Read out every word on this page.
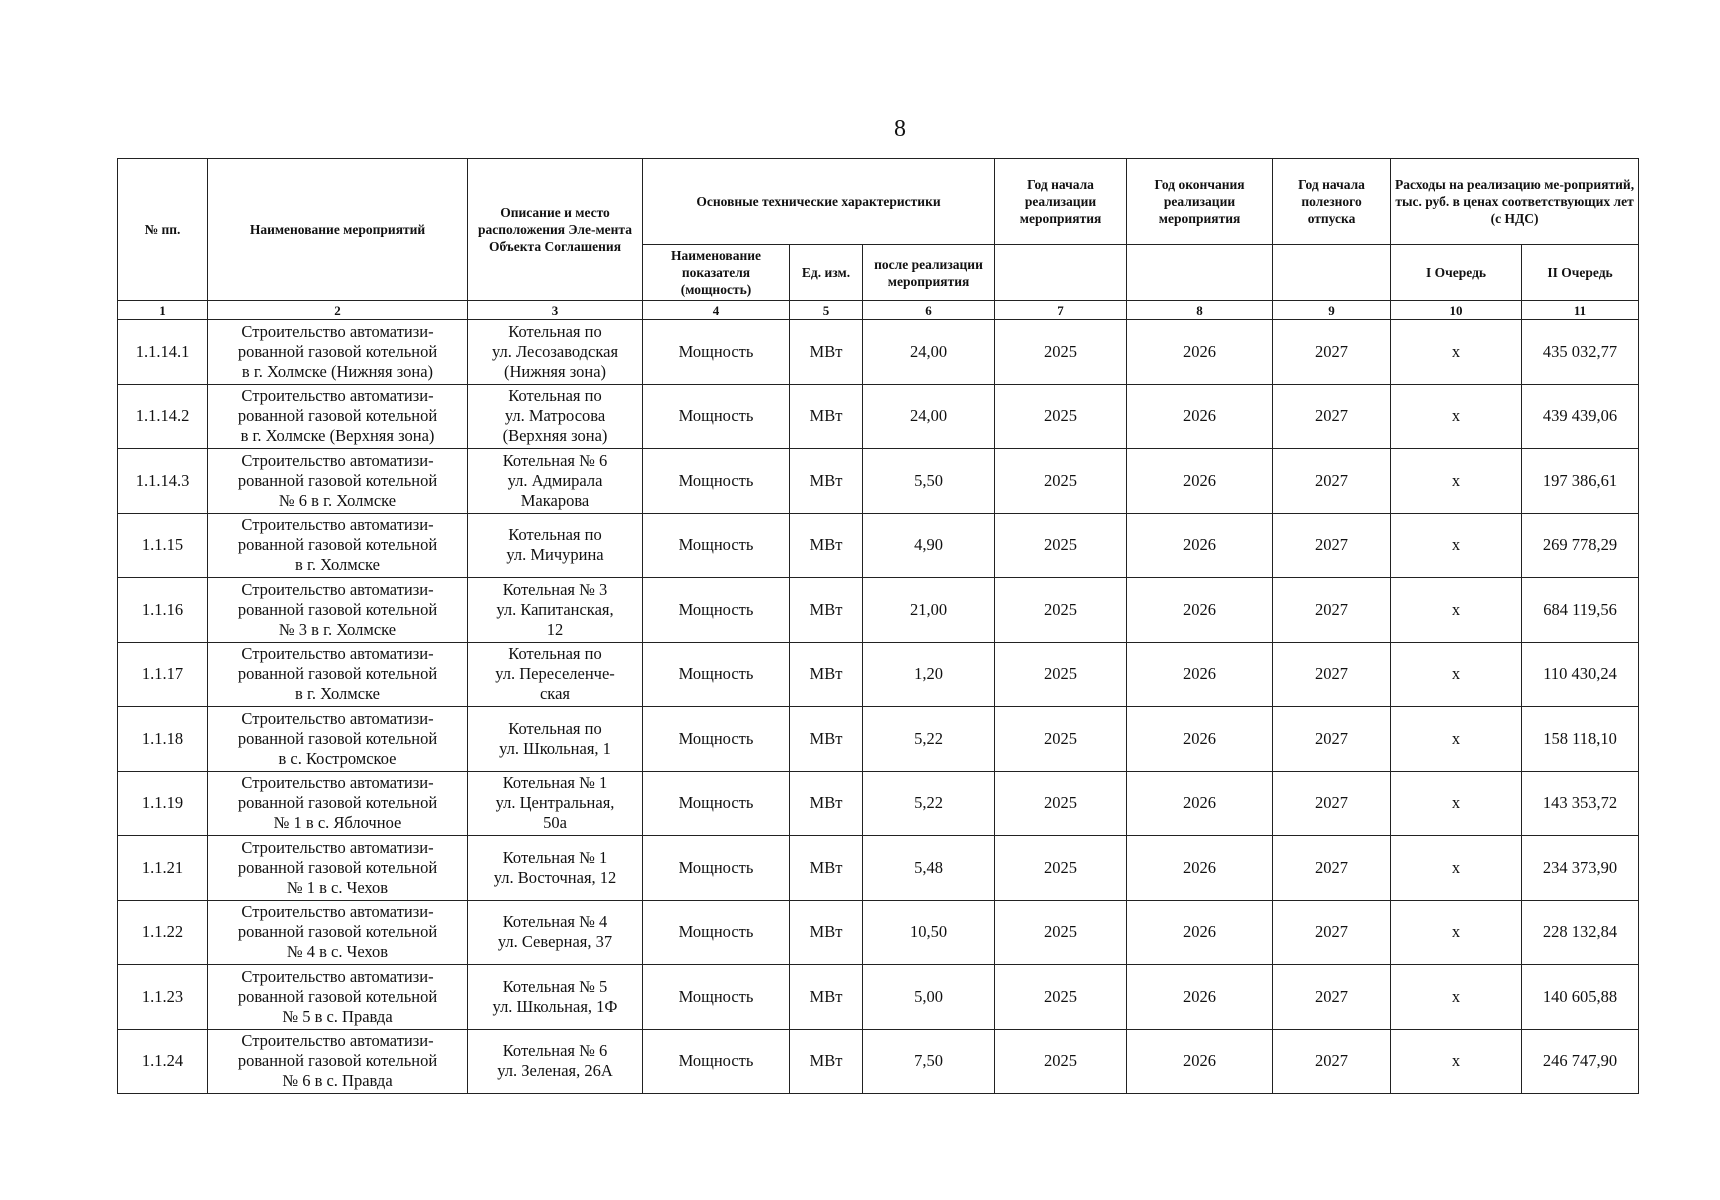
8
№ пп.	Наименование мероприятий	Описание и место расположения Эле-мента Объекта Соглашения	Основные технические характеристики			Год начала реализации мероприятия	Год окончания реализации мероприятия	Год начала полезного отпуска	Расходы на реализацию ме-роприятий, тыс. руб. в ценах соответствующих лет (с НДС)	
			Наименование показателя (мощность)	Ед. изм.	после реализации мероприятия				I Очередь	II Очередь
1	2	3	4	5	6	7	8	9	10	11
1.1.14.1	Строительство автоматизи-
рованной газовой котельной
в г. Холмске (Нижняя зона)	Котельная по
ул. Лесозаводская
(Нижняя зона)	Мощность	МВт	24,00	2025	2026	2027	х	435 032,77
1.1.14.2	Строительство автоматизи-
рованной газовой котельной
в г. Холмске (Верхняя зона)	Котельная по
ул. Матросова
(Верхняя зона)	Мощность	МВт	24,00	2025	2026	2027	х	439 439,06
1.1.14.3	Строительство автоматизи-
рованной газовой котельной
№ 6 в г. Холмске	Котельная № 6
ул. Адмирала
Макарова	Мощность	МВт	5,50	2025	2026	2027	х	197 386,61
1.1.15	Строительство автоматизи-
рованной газовой котельной
в г. Холмске	Котельная по
ул. Мичурина	Мощность	МВт	4,90	2025	2026	2027	х	269 778,29
1.1.16	Строительство автоматизи-
рованной газовой котельной
№ 3 в г. Холмске	Котельная № 3
ул. Капитанская,
12	Мощность	МВт	21,00	2025	2026	2027	х	684 119,56
1.1.17	Строительство автоматизи-
рованной газовой котельной
в г. Холмске	Котельная по
ул. Переселенче-
ская	Мощность	МВт	1,20	2025	2026	2027	х	110 430,24
1.1.18	Строительство автоматизи-
рованной газовой котельной
в с. Костромское	Котельная по
ул. Школьная, 1	Мощность	МВт	5,22	2025	2026	2027	х	158 118,10
1.1.19	Строительство автоматизи-
рованной газовой котельной
№ 1 в с. Яблочное	Котельная № 1
ул. Центральная,
50а	Мощность	МВт	5,22	2025	2026	2027	х	143 353,72
1.1.21	Строительство автоматизи-
рованной газовой котельной
№ 1 в с. Чехов	Котельная № 1
ул. Восточная, 12	Мощность	МВт	5,48	2025	2026	2027	х	234 373,90
1.1.22	Строительство автоматизи-
рованной газовой котельной
№ 4 в с. Чехов	Котельная № 4
ул. Северная, 37	Мощность	МВт	10,50	2025	2026	2027	х	228 132,84
1.1.23	Строительство автоматизи-
рованной газовой котельной
№ 5 в с. Правда	Котельная № 5
ул. Школьная, 1Ф	Мощность	МВт	5,00	2025	2026	2027	х	140 605,88
1.1.24	Строительство автоматизи-
рованной газовой котельной
№ 6 в с. Правда	Котельная № 6
ул. Зеленая, 26А	Мощность	МВт	7,50	2025	2026	2027	х	246 747,90
